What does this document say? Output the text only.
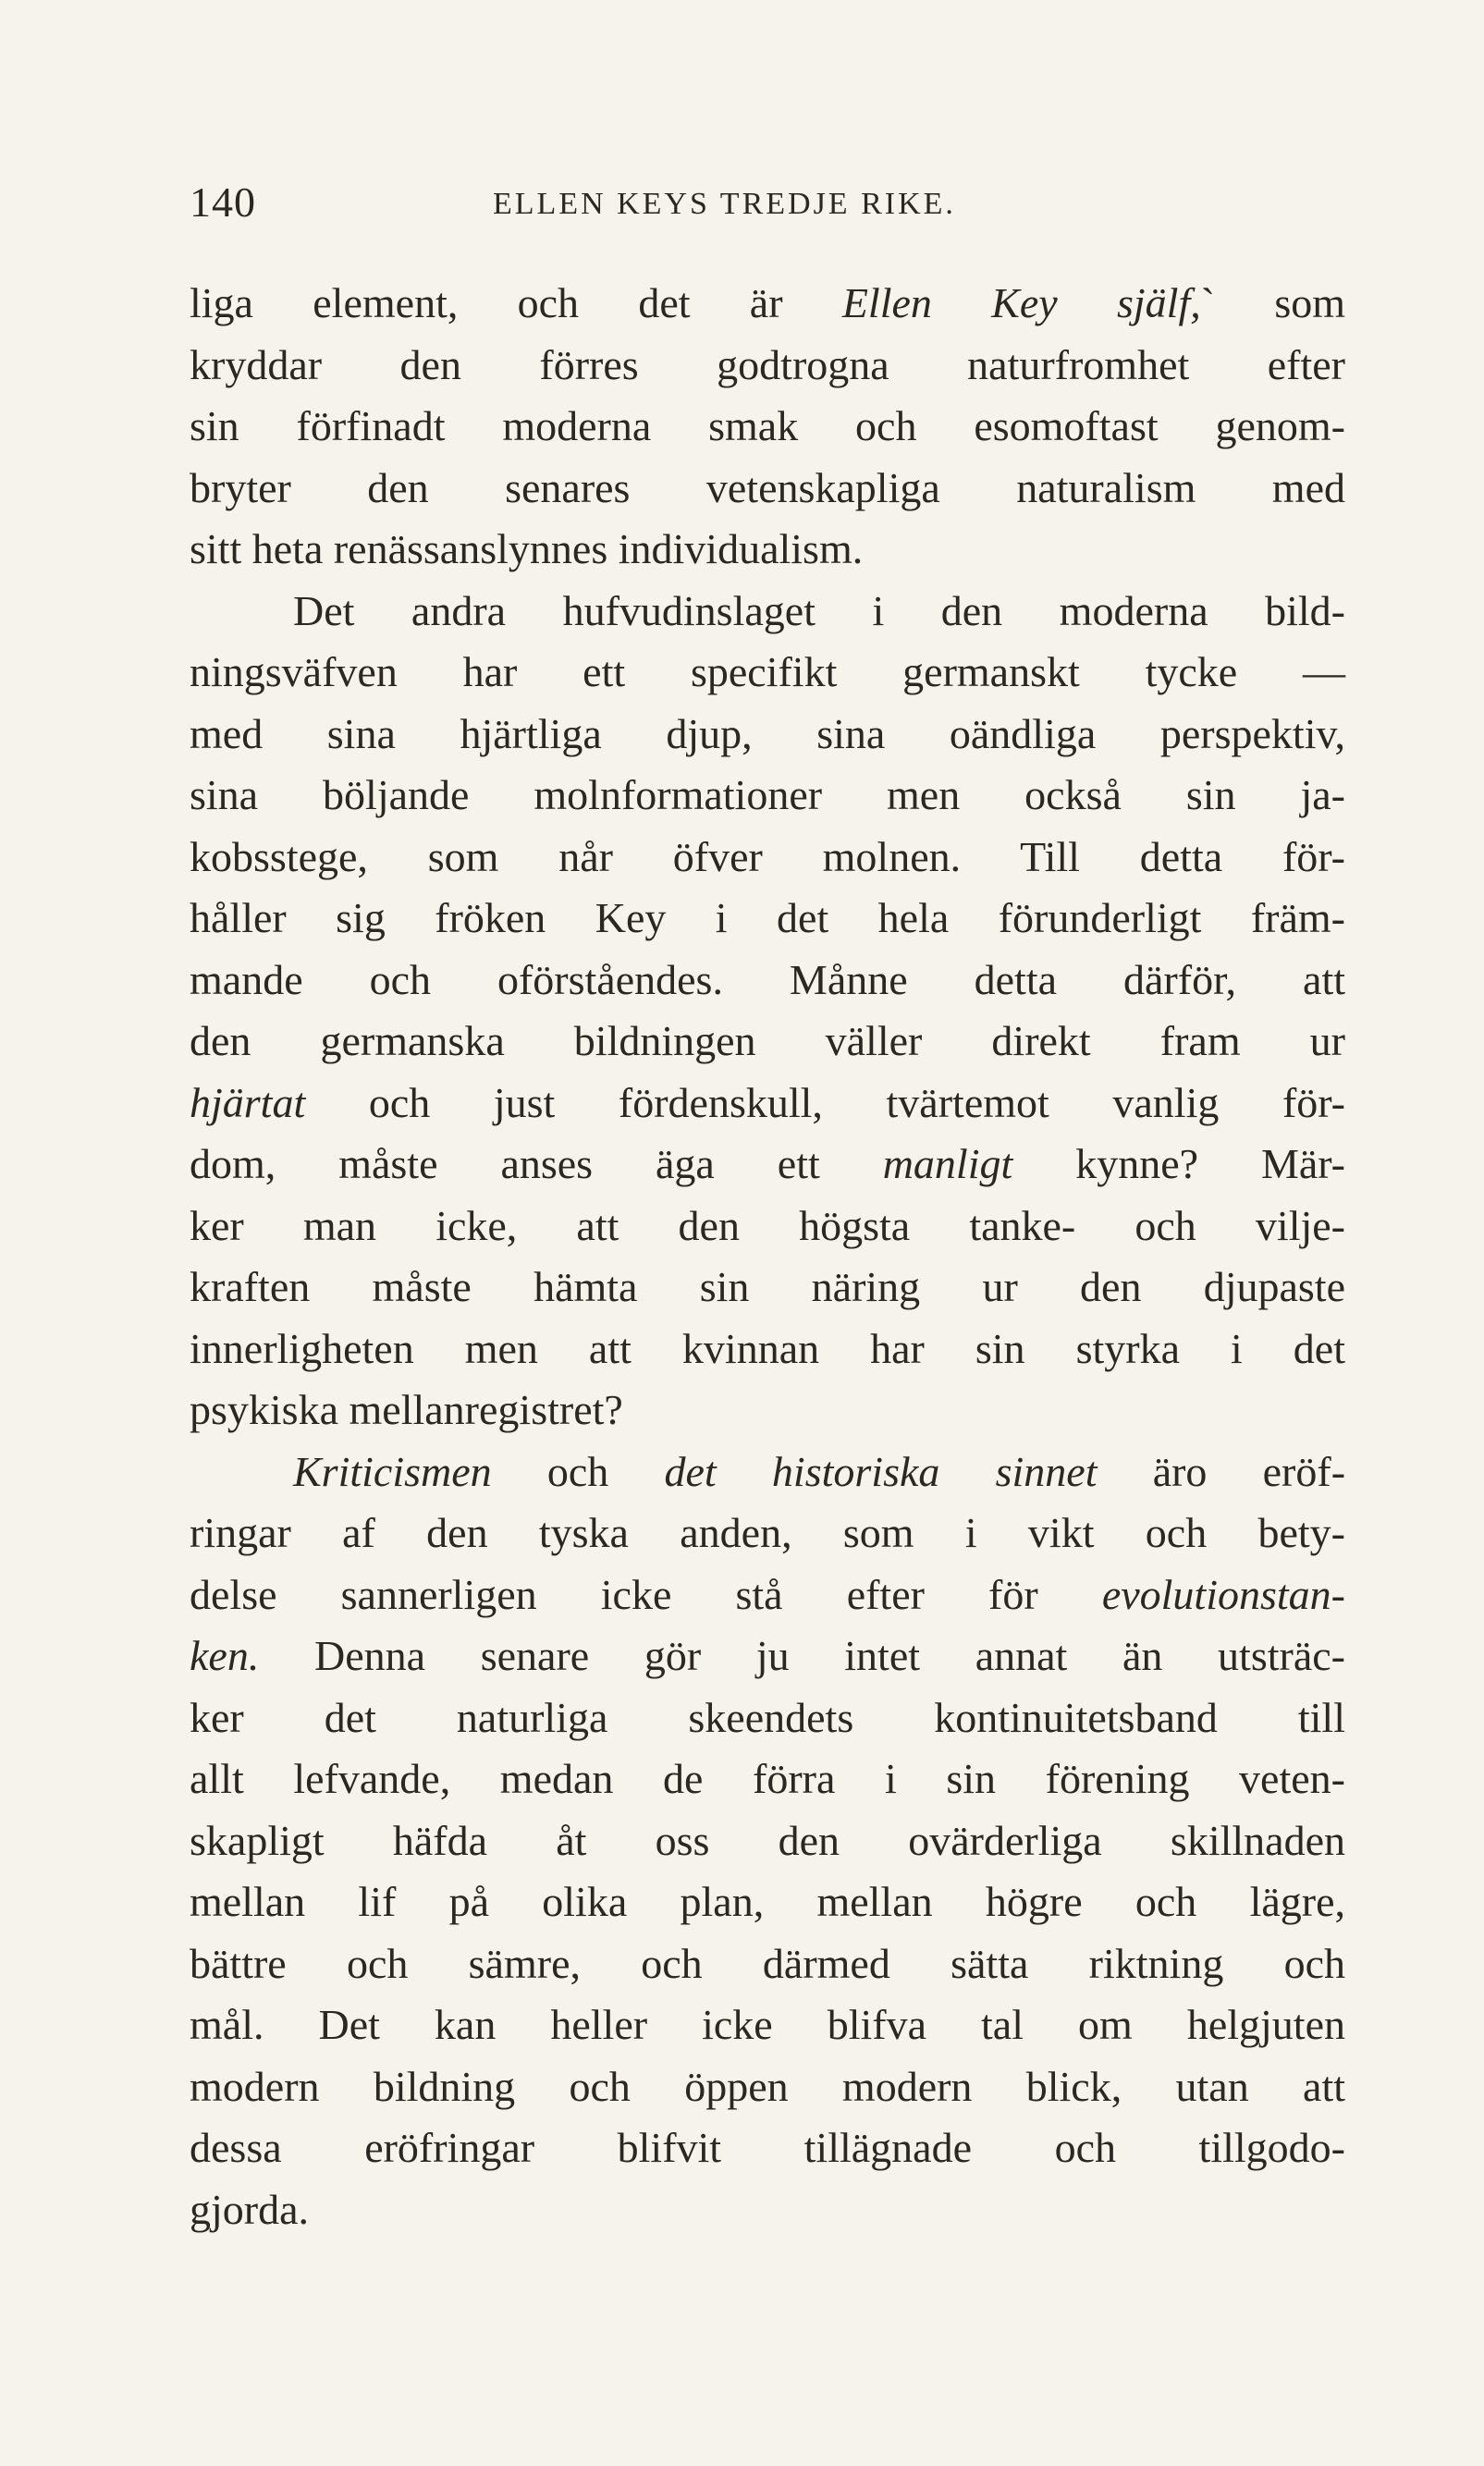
140	ELLEN KEYS TREDJE RIKE.
liga element, och det är Ellen Key själf,` som
kryddar den förres godtrogna naturfromhet efter
sin förfinadt moderna smak och esomoftast genom-
bryter den senares vetenskapliga naturalism med
sitt heta renässanslynnes individualism.
Det andra hufvudinslaget i den moderna bild-
ningsväfven har ett specifikt germanskt tycke —
med sina hjärtliga djup, sina oändliga perspektiv,
sina böljande molnformationer men också sin ja-
kobsstege, som når öfver molnen. Till detta för-
håller sig fröken Key i det hela förunderligt främ-
mande och oförståendes. Månne detta därför, att
den germanska bildningen väller direkt fram ur
hjärtat och just fördenskull, tvärtemot vanlig för-
dom, måste anses äga ett manligt kynne? Mär-
ker man icke, att den högsta tanke- och vilje-
kraften måste hämta sin näring ur den djupaste
innerligheten men att kvinnan har sin styrka i det
psykiska mellanregistret?
Kriticismen och det historiska sinnet äro eröf-
ringar af den tyska anden, som i vikt och bety-
delse sannerligen icke stå efter för evolutionstan-
ken. Denna senare gör ju intet annat än utsträc-
ker det naturliga skeendets kontinuitetsband till
allt lefvande, medan de förra i sin förening veten-
skapligt häfda åt oss den ovärderliga skillnaden
mellan lif på olika plan, mellan högre och lägre,
bättre och sämre, och därmed sätta riktning och
mål. Det kan heller icke blifva tal om helgjuten
modern bildning och öppen modern blick, utan att
dessa eröfringar blifvit tillägnade och tillgodo-
gjorda.
